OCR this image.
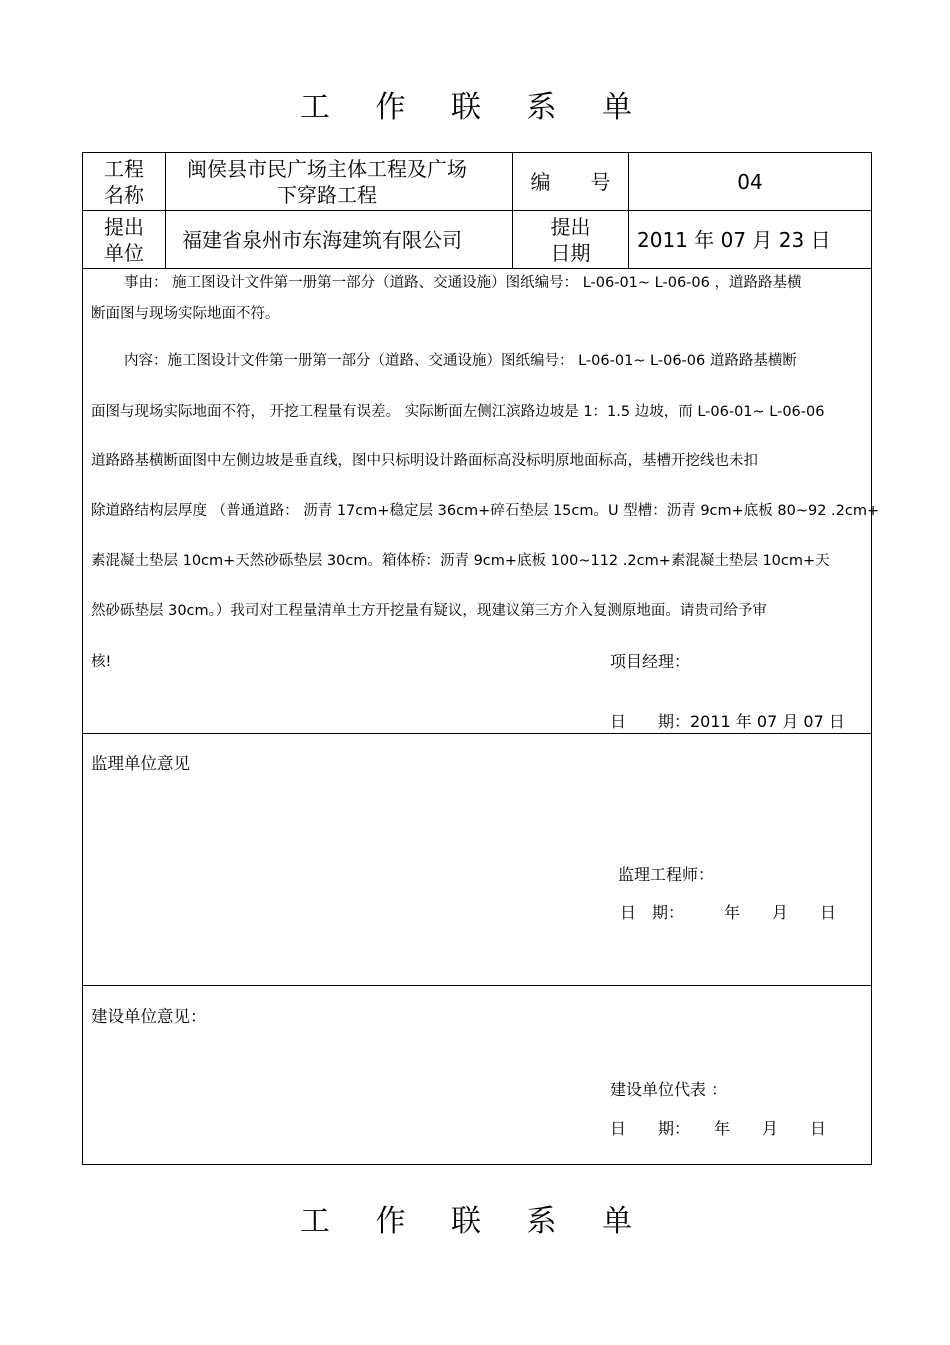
工 作 联 系 单
工程
名称
闽侯县市民广场主体工程及广场
下穿路工程
编　　号	04
提出
单位
福建省泉州市东海建筑有限公司
提出
日期
2011 年 07 月 23 日
事由： 施工图设计文件第一册第一部分（道路、交通设施）图纸编号： L-06-01~ L-06-06 ，道路路基横
断面图与现场实际地面不符。
内容：施工图设计文件第一册第一部分（道路、交通设施）图纸编号： L-06-01~ L-06-06 道路路基横断
面图与现场实际地面不符， 开挖工程量有误差。 实际断面左侧江滨路边坡是 1：1.5 边坡，而 L-06-01~ L-06-06
道路路基横断面图中左侧边坡是垂直线，图中只标明设计路面标高没标明原地面标高，基槽开挖线也未扣
除道路结构层厚度 （普通道路： 沥青 17cm+稳定层 36cm+碎石垫层 15cm。U 型槽：沥青 9cm+底板 80~92 .2cm+
素混凝土垫层 10cm+天然砂砾垫层 30cm。箱体桥：沥青 9cm+底板 100~112 .2cm+素混凝土垫层 10cm+天
然砂砾垫层 30cm。）我司对工程量清单土方开挖量有疑议，现建议第三方介入复测原地面。请贵司给予审
核!	项目经理：
日　　期：2011 年 07 月 07 日
监理单位意见
监理工程师：
日　期：　　　年　　月　　日
建设单位意见：
建设单位代表 ：
日　　期：　　年　　月　　日
工 作 联 系 单
